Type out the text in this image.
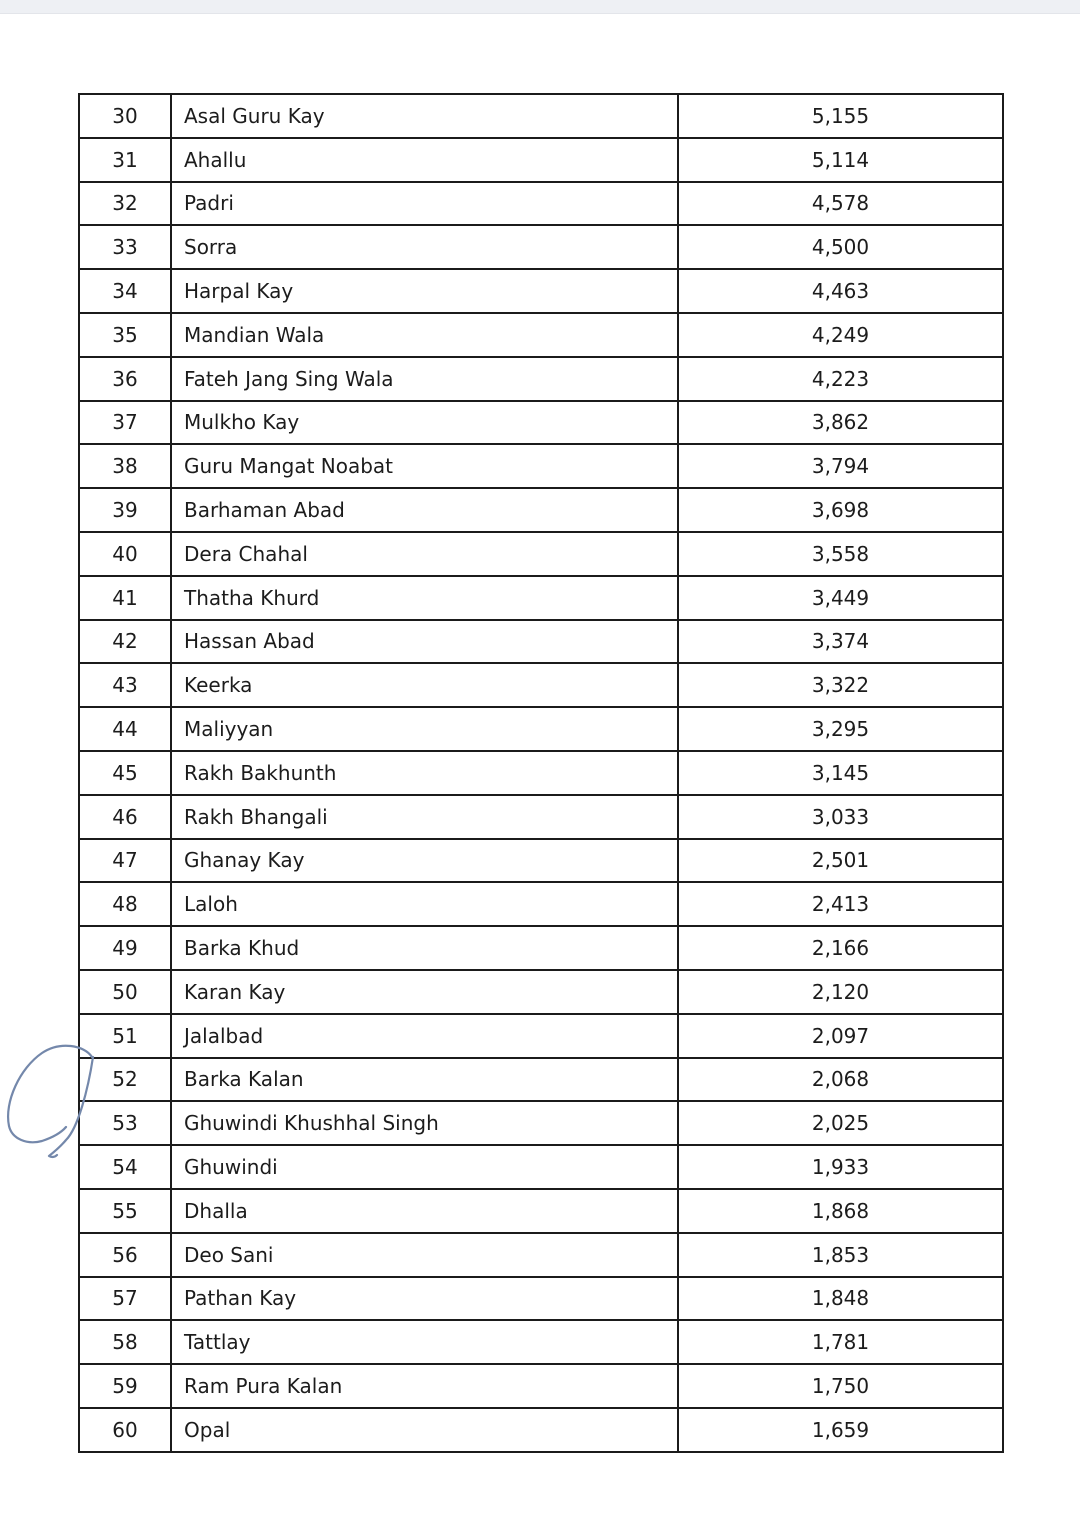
30	Asal Guru Kay	5,155
31	Ahallu	5,114
32	Padri	4,578
33	Sorra	4,500
34	Harpal Kay	4,463
35	Mandian Wala	4,249
36	Fateh Jang Sing Wala	4,223
37	Mulkho Kay	3,862
38	Guru Mangat Noabat	3,794
39	Barhaman Abad	3,698
40	Dera Chahal	3,558
41	Thatha Khurd	3,449
42	Hassan Abad	3,374
43	Keerka	3,322
44	Maliyyan	3,295
45	Rakh Bakhunth	3,145
46	Rakh Bhangali	3,033
47	Ghanay Kay	2,501
48	Laloh	2,413
49	Barka Khud	2,166
50	Karan Kay	2,120
51	Jalalbad	2,097
52	Barka Kalan	2,068
53	Ghuwindi Khushhal Singh	2,025
54	Ghuwindi	1,933
55	Dhalla	1,868
56	Deo Sani	1,853
57	Pathan Kay	1,848
58	Tattlay	1,781
59	Ram Pura Kalan	1,750
60	Opal	1,659
